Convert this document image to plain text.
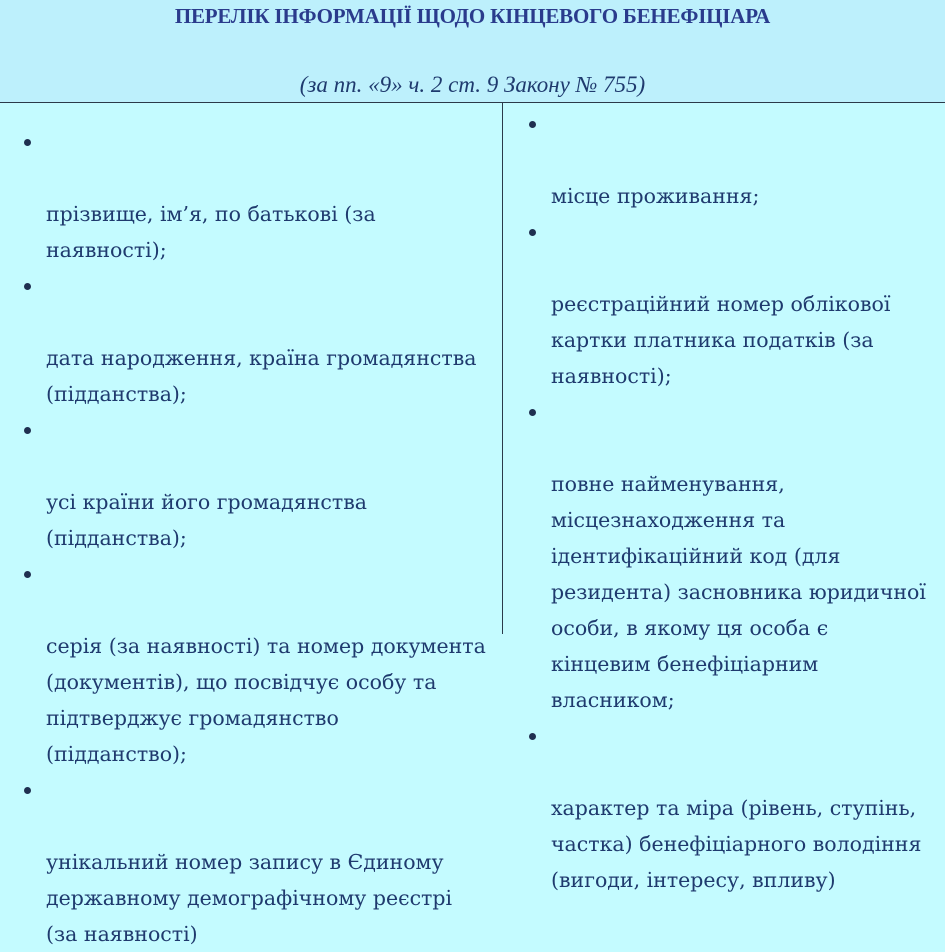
ПЕРЕЛІК ІНФОРМАЦІЇ ЩОДО КІНЦЕВОГО БЕНЕФІЦІАРА
(за пп. «9» ч. 2 ст. 9 Закону № 755)

прізвище, ім’я, по батькові (за
наявності);

дата народження, країна громадянства
(підданства);

усі країни його громадянства
(підданства);

серія (за наявності) та номер документа
(документів), що посвідчує особу та
підтверджує громадянство
(підданство);

унікальний номер запису в Єдиному
державному демографічному реєстрі
(за наявності)

місце проживання;

реєстраційний номер облікової
картки платника податків (за
наявності);

повне найменування,
місцезнаходження та
ідентифікаційний код (для
резидента) засновника юридичної
особи, в якому ця особа є
кінцевим бенефіціарним
власником;

характер та міра (рівень, ступінь,
частка) бенефіціарного володіння
(вигоди, інтересу, впливу)
